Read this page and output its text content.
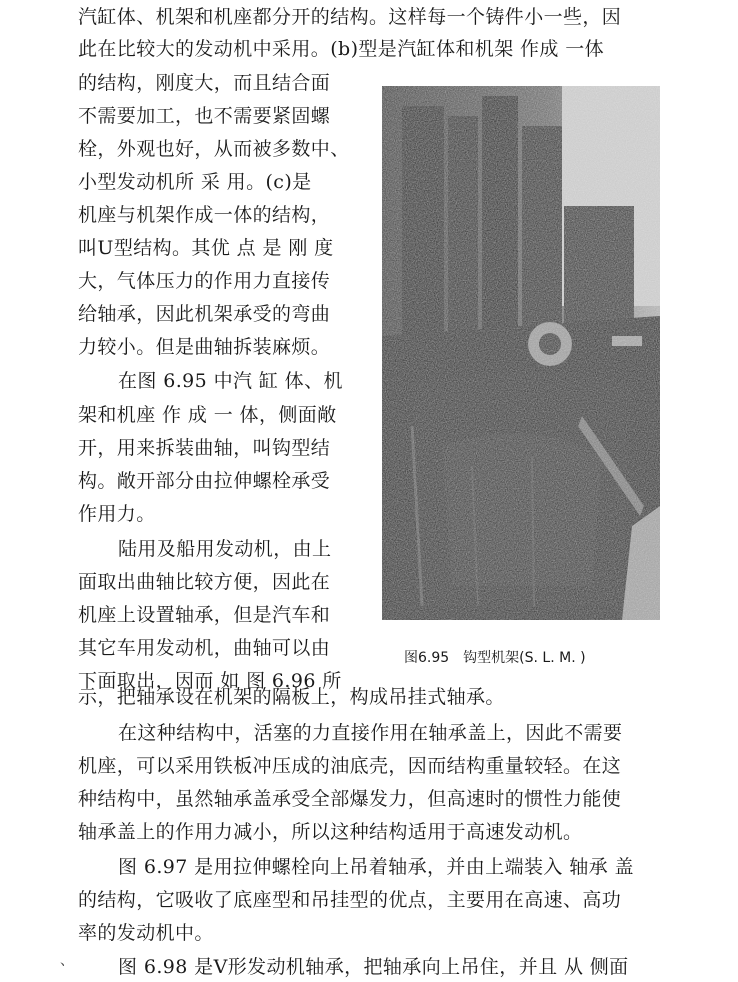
汽缸体、机架和机座都分开的结构。这样每一个铸件小一些，因
此在比较大的发动机中采用。(b)型是汽缸体和机架 作成 一体
的结构，刚度大，而且结合面
不需要加工，也不需要紧固螺
栓，外观也好，从而被多数中、
小型发动机所 采 用。(c)是
机座与机架作成一体的结构，
叫U型结构。其优 点 是 刚 度
大，气体压力的作用力直接传
给轴承，因此机架承受的弯曲
力较小。但是曲轴拆装麻烦。
在图 6.95 中汽 缸 体、机
架和机座 作 成 一 体，侧面敞
开，用来拆装曲轴，叫钩型结
构。敞开部分由拉伸螺栓承受
作用力。
陆用及船用发动机，由上
面取出曲轴比较方便，因此在
机座上设置轴承，但是汽车和
其它车用发动机，曲轴可以由
下面取出，因而 如 图 6.96 所
图6.95　钩型机架(S. L. M. )
示，把轴承设在机架的隔板上，构成吊挂式轴承。
在这种结构中，活塞的力直接作用在轴承盖上，因此不需要
机座，可以采用铁板冲压成的油底壳，因而结构重量较轻。在这
种结构中，虽然轴承盖承受全部爆发力，但高速时的惯性力能使
轴承盖上的作用力减小，所以这种结构适用于高速发动机。
图 6.97 是用拉伸螺栓向上吊着轴承，并由上端装入 轴承 盖
的结构，它吸收了底座型和吊挂型的优点，主要用在高速、高功
率的发动机中。
图 6.98 是V形发动机轴承，把轴承向上吊住，并且 从 侧面
、
